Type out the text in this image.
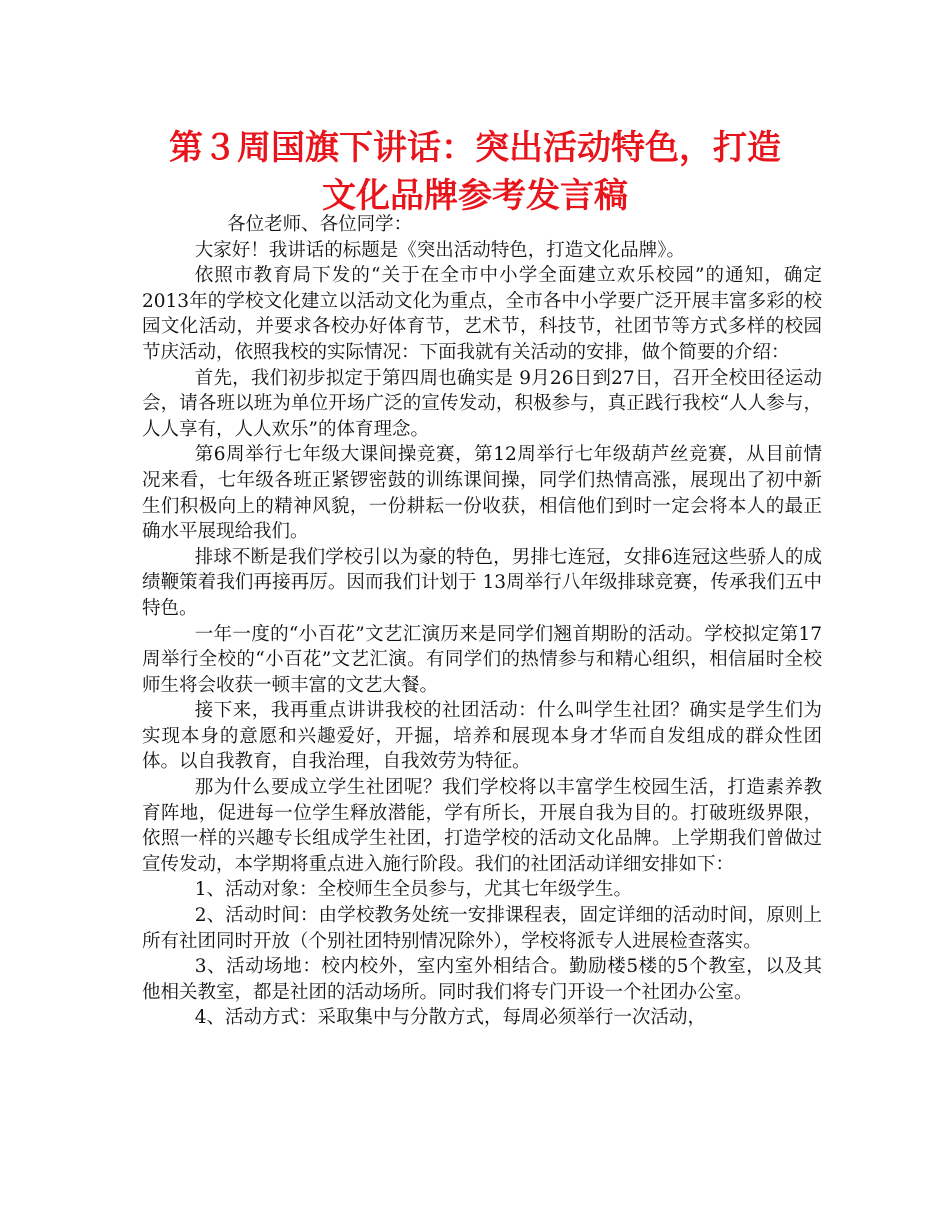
第３周国旗下讲话：突出活动特色，打造
文化品牌参考发言稿

各位老师、各位同学：

大家好！我讲话的标题是《突出活动特色，打造文化品牌》。

依照市教育局下发的“关于在全市中小学全面建立欢乐校园”的通知，确定 2013年的学校文化建立以活动文化为重点，全市各中小学要广泛开展丰富多彩的校园文化活动，并要求各校办好体育节，艺术节，科技节，社团节等方式多样的校园节庆活动，依照我校的实际情况：下面我就有关活动的安排，做个简要的介绍：

首先，我们初步拟定于第四周也确实是 9月26日到27日，召开全校田径运动会，请各班以班为单位开场广泛的宣传发动，积极参与，真正践行我校“人人参与，人人享有，人人欢乐”的体育理念。

第6周举行七年级大课间操竞赛，第12周举行七年级葫芦丝竞赛，从目前情况来看，七年级各班正紧锣密鼓的训练课间操，同学们热情高涨，展现出了初中新生们积极向上的精神风貌，一份耕耘一份收获，相信他们到时一定会将本人的最正确水平展现给我们。

排球不断是我们学校引以为豪的特色，男排七连冠，女排6连冠这些骄人的成绩鞭策着我们再接再厉。因而我们计划于 13周举行八年级排球竞赛，传承我们五中特色。

一年一度的“小百花”文艺汇演历来是同学们翘首期盼的活动。学校拟定第17周举行全校的“小百花”文艺汇演。有同学们的热情参与和精心组织，相信届时全校师生将会收获一顿丰富的文艺大餐。

接下来，我再重点讲讲我校的社团活动：什么叫学生社团？确实是学生们为实现本身的意愿和兴趣爱好，开掘，培养和展现本身才华而自发组成的群众性团体。以自我教育，自我治理，自我效劳为特征。

那为什么要成立学生社团呢？我们学校将以丰富学生校园生活，打造素养教育阵地，促进每一位学生释放潜能，学有所长，开展自我为目的。打破班级界限，依照一样的兴趣专长组成学生社团，打造学校的活动文化品牌。上学期我们曾做过宣传发动，本学期将重点进入施行阶段。我们的社团活动详细安排如下：

1、活动对象：全校师生全员参与，尤其七年级学生。

2、活动时间：由学校教务处统一安排课程表，固定详细的活动时间，原则上所有社团同时开放（个别社团特别情况除外），学校将派专人进展检查落实。

3、活动场地：校内校外，室内室外相结合。勤励楼5楼的5个教室，以及其他相关教室，都是社团的活动场所。同时我们将专门开设一个社团办公室。

4、活动方式：采取集中与分散方式，每周必须举行一次活动，
